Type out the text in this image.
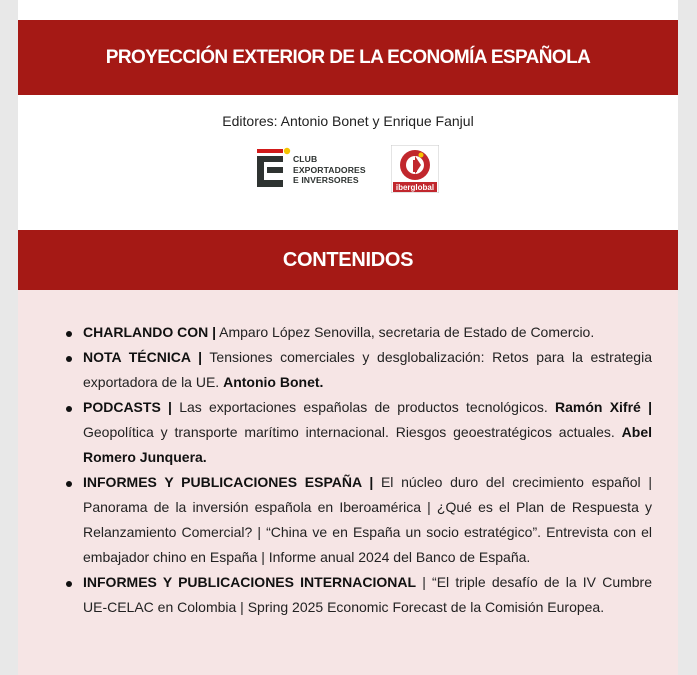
PROYECCIÓN EXTERIOR DE LA ECONOMÍA ESPAÑOLA
Editores: Antonio Bonet y Enrique Fanjul
CLUB
EXPORTADORES
E INVERSORES
iberglobal
CONTENIDOS
CHARLANDO CON | Amparo López Senovilla, secretaria de Estado de Comercio.
NOTA TÉCNICA | Tensiones comerciales y desglobalización: Retos para la estrategia exportadora de la UE. Antonio Bonet.
PODCASTS | Las exportaciones españolas de productos tecnológicos. Ramón Xifré | Geopolítica y transporte marítimo internacional. Riesgos geoestratégicos actuales. Abel Romero Junquera.
INFORMES Y PUBLICACIONES ESPAÑA | El núcleo duro del crecimiento español | Panorama de la inversión española en Iberoamérica | ¿Qué es el Plan de Respuesta y Relanzamiento Comercial? | “China ve en España un socio estratégico”. Entrevista con el embajador chino en España | Informe anual 2024 del Banco de España.
INFORMES Y PUBLICACIONES INTERNACIONAL | “El triple desafío de la IV Cumbre UE-CELAC en Colombia | Spring 2025 Economic Forecast de la Comisión Europea.
